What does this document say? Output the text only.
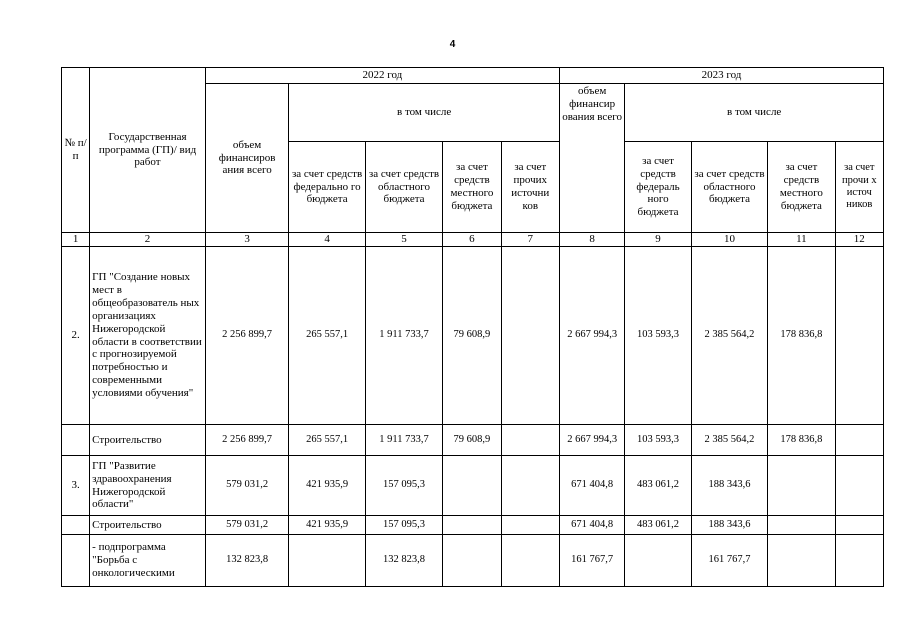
4
№ п/п	Государственная программа (ГП)/ вид работ	2022 год					2023 год				
		объем финансиров ания всего	в том числе				объем финансир ования всего	в том числе			
			за счет средств федерально го бюджета	за счет средств областного бюджета	за счет средств местного бюджета	за счет прочих источни ков		за счет средств федераль ного бюджета	за счет средств областного бюджета	за счет средств местного бюджета	за счет прочи х источ ников
1	2	3	4	5	6	7	8	9	10	11	12
2.	ГП "Создание новых мест в общеобразователь ных организациях Нижегородской области в соответствии с прогнозируемой потребностью и современными условиями обучения"	2 256 899,7	265 557,1	1 911 733,7	79 608,9		2 667 994,3	103 593,3	2 385 564,2	178 836,8	
	Строительство	2 256 899,7	265 557,1	1 911 733,7	79 608,9		2 667 994,3	103 593,3	2 385 564,2	178 836,8	
3.	ГП "Развитие здравоохранения Нижегородской области"	579 031,2	421 935,9	157 095,3			671 404,8	483 061,2	188 343,6		
	Строительство	579 031,2	421 935,9	157 095,3			671 404,8	483 061,2	188 343,6		
	- подпрограмма "Борьба с онкологическими	132 823,8		132 823,8			161 767,7		161 767,7		
